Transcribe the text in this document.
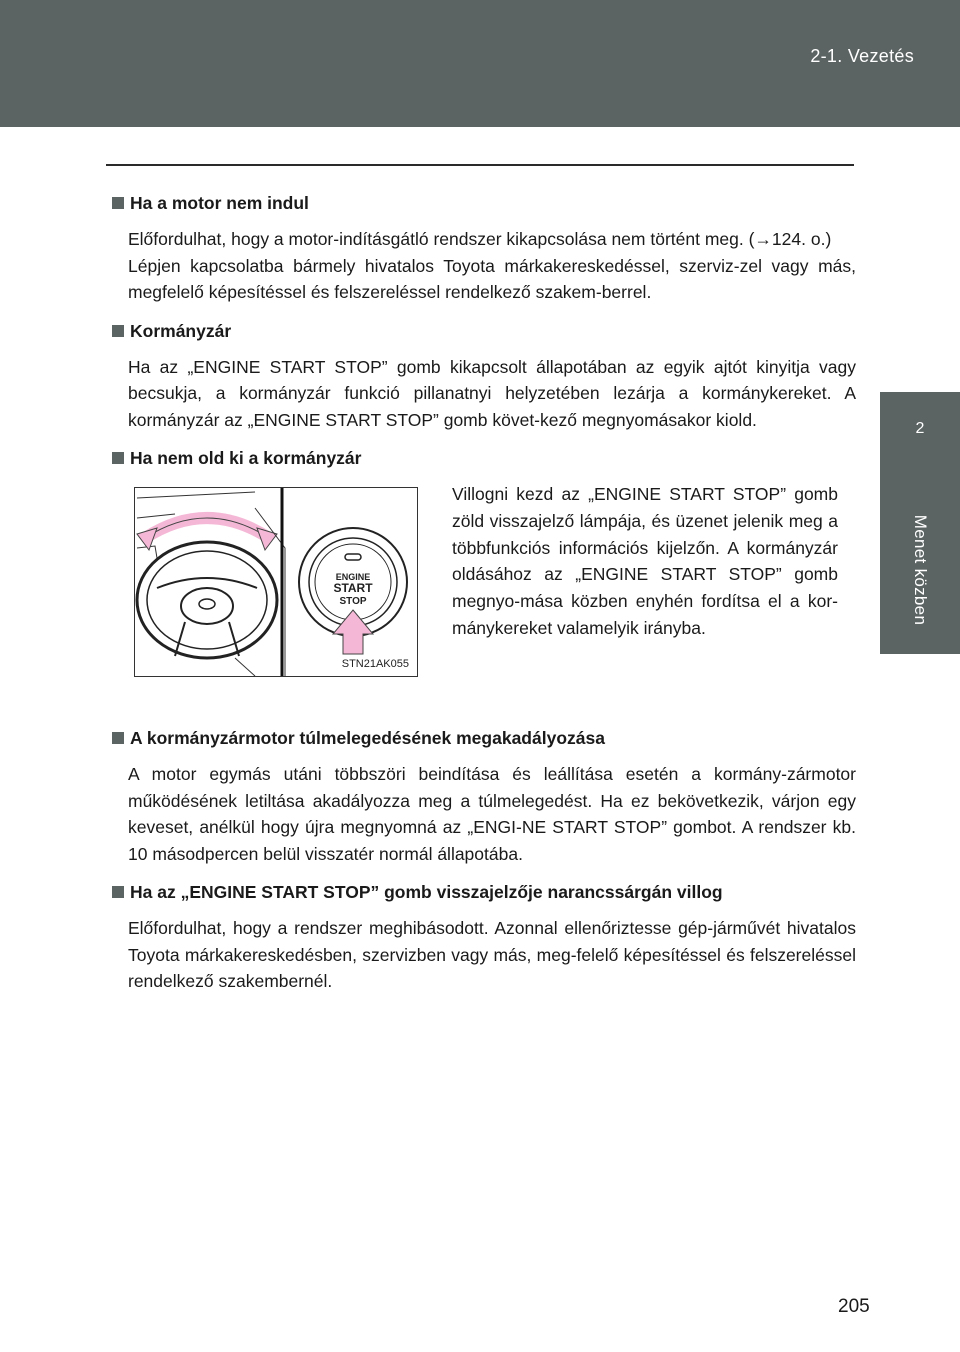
2-1. Vezetés
2
Menet közben
Ha a motor nem indul
Előfordulhat, hogy a motor-indításgátló rendszer kikapcsolása nem történt meg. (→124. o.)
Lépjen kapcsolatba bármely hivatalos Toyota márkakereskedéssel, szerviz-zel vagy más, megfelelő képesítéssel és felszereléssel rendelkező szakem-berrel.
Kormányzár
Ha az „ENGINE START STOP” gomb kikapcsolt állapotában az egyik ajtót kinyitja vagy becsukja, a kormányzár funkció pillanatnyi helyzetében lezárja a kormánykereket. A kormányzár az „ENGINE START STOP” gomb követ-kező megnyomásakor kiold.
Ha nem old ki a kormányzár
ENGINE
START
STOP
STN21AK055
Villogni kezd az „ENGINE START STOP” gomb zöld visszajelző lámpája, és üzenet jelenik meg a többfunkciós információs kijelzőn. A kormányzár oldásához az „ENGINE START STOP” gomb megnyo-mása közben enyhén fordítsa el a kor-mánykereket valamelyik irányba.
A kormányzármotor túlmelegedésének megakadályozása
A motor egymás utáni többszöri beindítása és leállítása esetén a kormány-zármotor működésének letiltása akadályozza meg a túlmelegedést. Ha ez bekövetkezik, várjon egy keveset, anélkül hogy újra megnyomná az „ENGI-NE START STOP” gombot. A rendszer kb. 10 másodpercen belül visszatér normál állapotába.
Ha az „ENGINE START STOP” gomb visszajelzője narancssárgán villog
Előfordulhat, hogy a rendszer meghibásodott. Azonnal ellenőriztesse gép-járművét hivatalos Toyota márkakereskedésben, szervizben vagy más, meg-felelő képesítéssel és felszereléssel rendelkező szakembernél.
205
